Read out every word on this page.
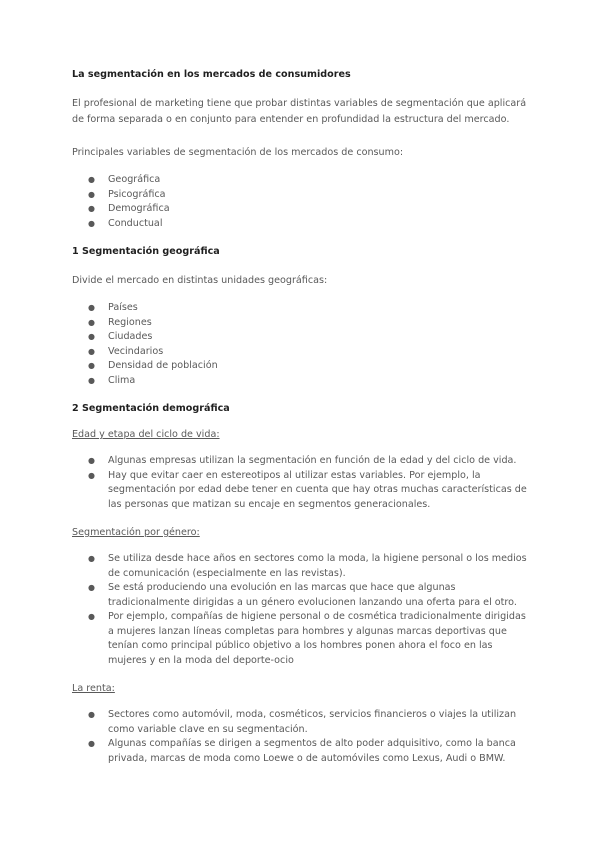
La segmentación en los mercados de consumidores

El profesional de marketing tiene que probar distintas variables de segmentación que aplicará de forma separada o en conjunto para entender en profundidad la estructura del mercado.

Principales variables de segmentación de los mercados de consumo:

● Geográfica
● Psicográfica
● Demográfica
● Conductual
1 Segmentación geográfica

Divide el mercado en distintas unidades geográficas:

● Países
● Regiones
● Ciudades
● Vecindarios
● Densidad de población
● Clima
2 Segmentación demográfica

Edad y etapa del ciclo de vida:

● Algunas empresas utilizan la segmentación en función de la edad y del ciclo de vida.
● Hay que evitar caer en estereotipos al utilizar estas variables. Por ejemplo, la segmentación por edad debe tener en cuenta que hay otras muchas características de las personas que matizan su encaje en segmentos generacionales.

Segmentación por género:

● Se utiliza desde hace años en sectores como la moda, la higiene personal o los medios de comunicación (especialmente en las revistas).
● Se está produciendo una evolución en las marcas que hace que algunas tradicionalmente dirigidas a un género evolucionen lanzando una oferta para el otro.
● Por ejemplo, compañías de higiene personal o de cosmética tradicionalmente dirigidas a mujeres lanzan líneas completas para hombres y algunas marcas deportivas que tenían como principal público objetivo a los hombres ponen ahora el foco en las mujeres y en la moda del deporte-ocio

La renta:

● Sectores como automóvil, moda, cosméticos, servicios financieros o viajes la utilizan como variable clave en su segmentación.
● Algunas compañías se dirigen a segmentos de alto poder adquisitivo, como la banca privada, marcas de moda como Loewe o de automóviles como Lexus, Audi o BMW.
